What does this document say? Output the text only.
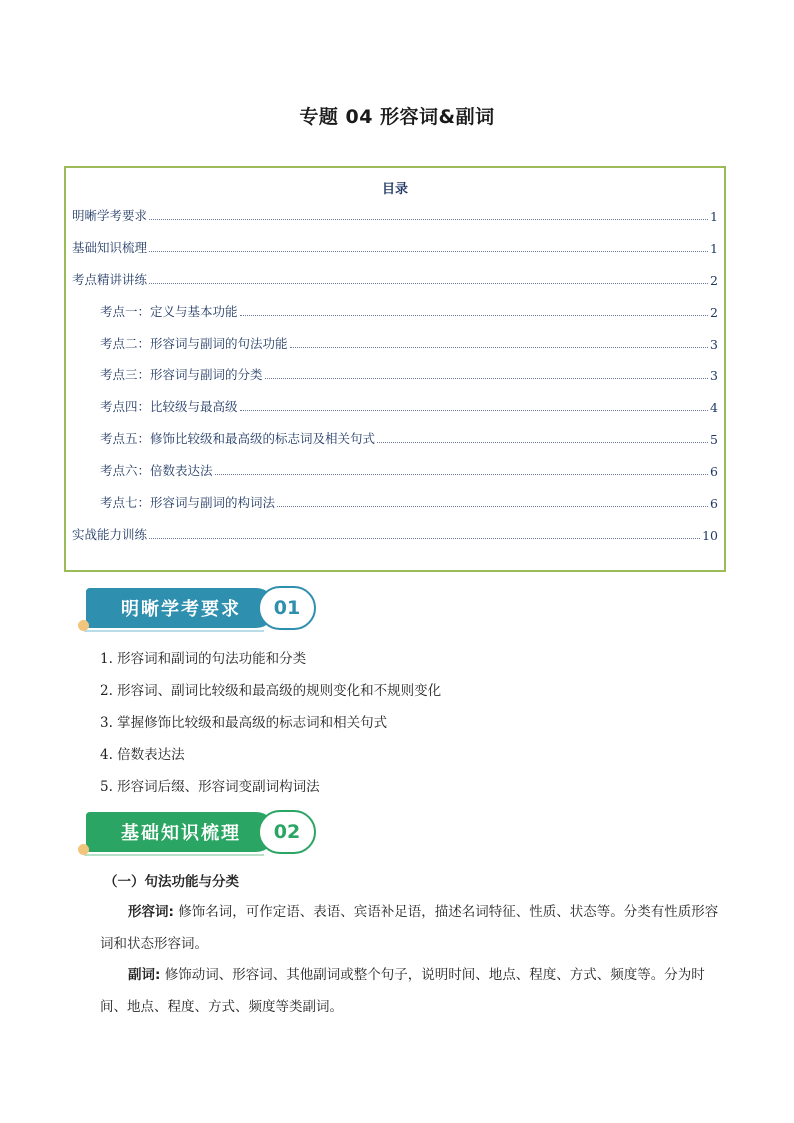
专题 04 形容词&副词
目录
明晰学考要求	1
基础知识梳理	1
考点精讲讲练	2
考点一：定义与基本功能	2
考点二：形容词与副词的句法功能	3
考点三：形容词与副词的分类	3
考点四：比较级与最高级	4
考点五：修饰比较级和最高级的标志词及相关句式	5
考点六：倍数表达法	6
考点七：形容词与副词的构词法	6
实战能力训练	10
明晰学考要求	01
1. 形容词和副词的句法功能和分类
2. 形容词、副词比较级和最高级的规则变化和不规则变化
3. 掌握修饰比较级和最高级的标志词和相关句式
4. 倍数表达法
5. 形容词后缀、形容词变副词构词法
基础知识梳理	02
（一）句法功能与分类
形容词: 修饰名词，可作定语、表语、宾语补足语，描述名词特征、性质、状态等。分类有性质形容词和状态形容词。
副词: 修饰动词、形容词、其他副词或整个句子，说明时间、地点、程度、方式、频度等。分为时间、地点、程度、方式、频度等类副词。
